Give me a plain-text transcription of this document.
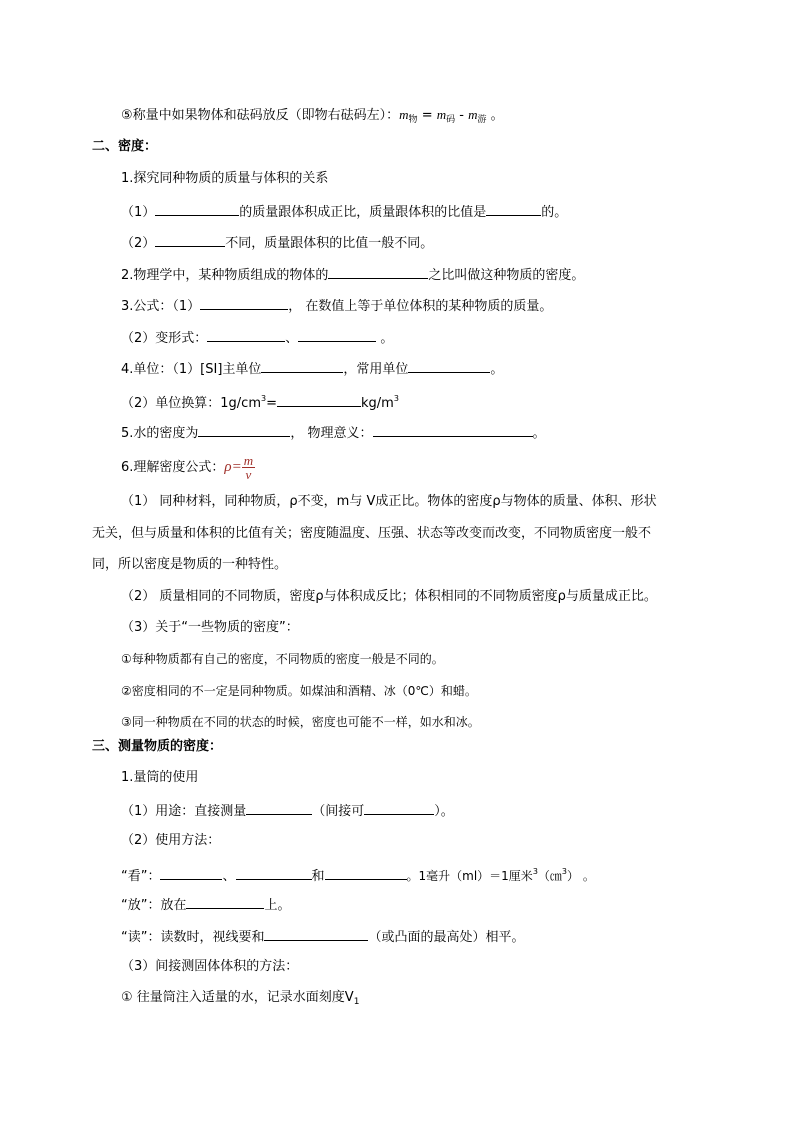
⑤称量中如果物体和砝码放反（即物右砝码左）：$m_物 = m_码 - m_游$ 。
二、密度：
1.探究同种物质的质量与体积的关系
（1）	的质量跟体积成正比，质量跟体积的比值是	的。
（2）	不同，质量跟体积的比值一般不同。
2.物理学中，某种物质组成的物体的	之比叫做这种物质的密度。
3.公式：（1）	， 在数值上等于单位体积的某种物质的质量。
（2）变形式：	、	。
4.单位：（1）[SI]主单位	，常用单位	。
（2）单位换算：$1g/cm^3=$	$kg/m^3$
5.水的密度为	， 物理意义：	。
6.理解密度公式：$\rho= \frac{m}{v}$
（1） 同种材料，同种物质，ρ不变，m与 V成正比。物体的密度ρ与物体的质量、体积、形状
无关，但与质量和体积的比值有关；密度随温度、压强、状态等改变而改变，不同物质密度一般不
同，所以密度是物质的一种特性。
（2） 质量相同的不同物质，密度ρ与体积成反比；体积相同的不同物质密度ρ与质量成正比。
（3）关于“一些物质的密度”：
①每种物质都有自己的密度，不同物质的密度一般是不同的。
②密度相同的不一定是同种物质。如煤油和酒精、冰（0℃）和蜡。
③同一种物质在不同的状态的时候，密度也可能不一样，如水和冰。
三、测量物质的密度：
1.量筒的使用
（1）用途：直接测量	（间接可	）。
（2）使用方法：
“看”：	、	和	。1毫升（ml）＝1厘米$^3$（㎝$^3$） 。
“放”：放在	上。
“读”：读数时，视线要和	（或凸面的最高处）相平。
（3）间接测固体体积的方法：
① 往量筒注入适量的水，记录水面刻度$V_1$
